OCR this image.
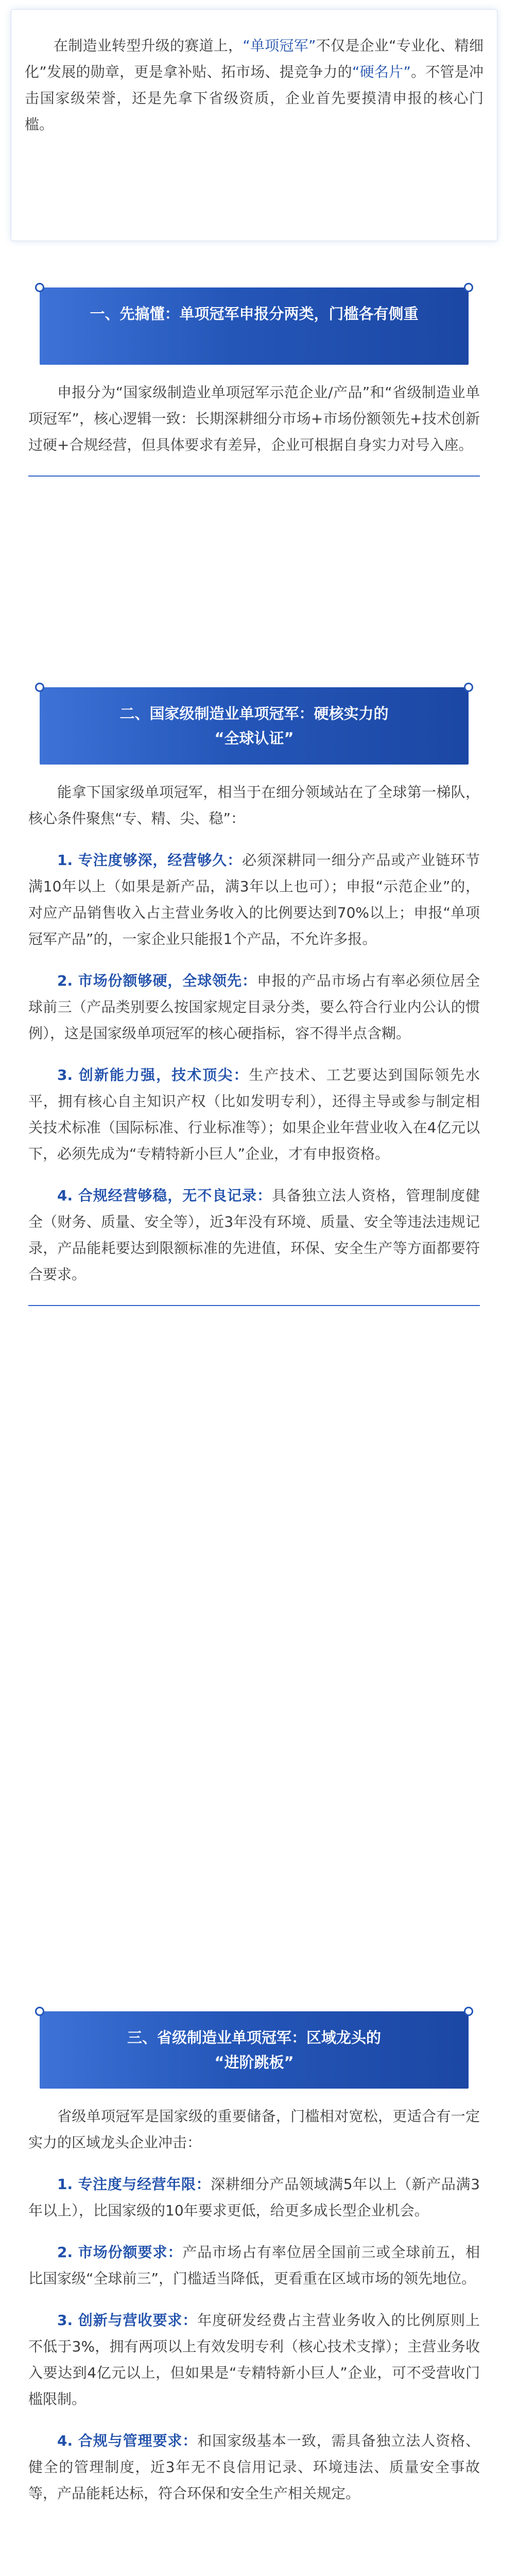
在制造业转型升级的赛道上，“单项冠军”不仅是企业“专业化、精细化”发展的勋章，更是拿补贴、拓市场、提竞争力的“硬名片”。不管是冲击国家级荣誉，还是先拿下省级资质，企业首先要摸清申报的核心门槛。

一、先搞懂：单项冠军申报分两类，门槛各有侧重

申报分为“国家级制造业单项冠军示范企业/产品”和“省级制造业单项冠军”，核心逻辑一致：长期深耕细分市场+市场份额领先+技术创新过硬+合规经营，但具体要求有差异，企业可根据自身实力对号入座。

二、国家级制造业单项冠军：硬核实力的
“全球认证”

能拿下国家级单项冠军，相当于在细分领域站在了全球第一梯队，核心条件聚焦“专、精、尖、稳”：

1. 专注度够深，经营够久：必须深耕同一细分产品或产业链环节满10年以上（如果是新产品，满3年以上也可）；申报“示范企业”的，对应产品销售收入占主营业务收入的比例要达到70%以上；申报“单项冠军产品”的，一家企业只能报1个产品，不允许多报。

2. 市场份额够硬，全球领先：申报的产品市场占有率必须位居全球前三（产品类别要么按国家规定目录分类，要么符合行业内公认的惯例），这是国家级单项冠军的核心硬指标，容不得半点含糊。

3. 创新能力强，技术顶尖：生产技术、工艺要达到国际领先水平，拥有核心自主知识产权（比如发明专利），还得主导或参与制定相关技术标准（国际标准、行业标准等）；如果企业年营业收入在4亿元以下，必须先成为“专精特新小巨人”企业，才有申报资格。

4. 合规经营够稳，无不良记录：具备独立法人资格，管理制度健全（财务、质量、安全等），近3年没有环境、质量、安全等违法违规记录，产品能耗要达到限额标准的先进值，环保、安全生产等方面都要符合要求。

三、省级制造业单项冠军：区域龙头的
“进阶跳板”

省级单项冠军是国家级的重要储备，门槛相对宽松，更适合有一定实力的区域龙头企业冲击：

1. 专注度与经营年限：深耕细分产品领域满5年以上（新产品满3年以上），比国家级的10年要求更低，给更多成长型企业机会。

2. 市场份额要求：产品市场占有率位居全国前三或全球前五，相比国家级“全球前三”，门槛适当降低，更看重在区域市场的领先地位。

3. 创新与营收要求：年度研发经费占主营业务收入的比例原则上不低于3%，拥有两项以上有效发明专利（核心技术支撑）；主营业务收入要达到4亿元以上，但如果是“专精特新小巨人”企业，可不受营收门槛限制。

4. 合规与管理要求：和国家级基本一致，需具备独立法人资格、健全的管理制度，近3年无不良信用记录、环境违法、质量安全事故等，产品能耗达标，符合环保和安全生产相关规定。
